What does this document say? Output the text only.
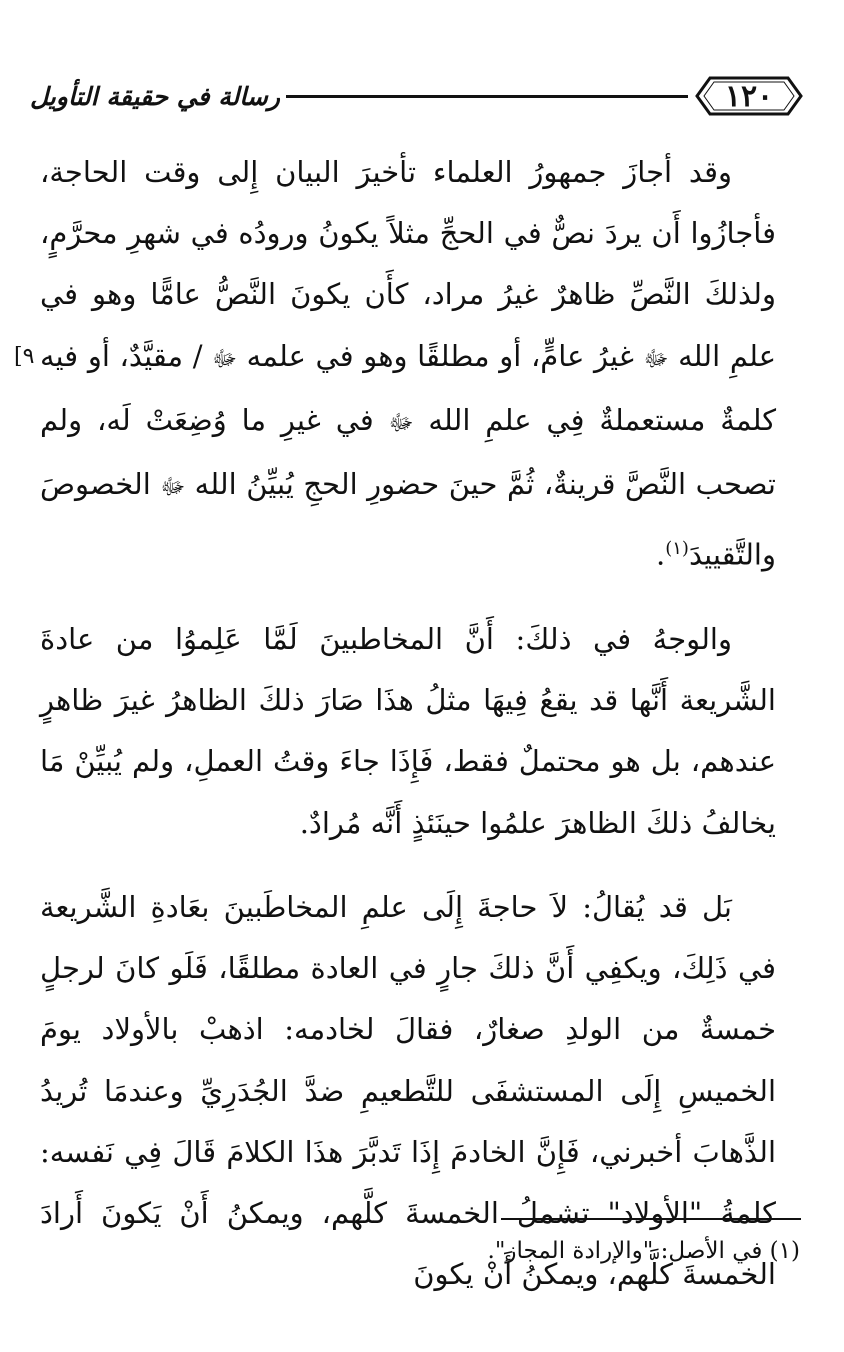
١٢٠
رسالة في حقيقة التأويل
[٩

وقد أجازَ جمهورُ العلماء تأخيرَ البيان إِلى وقت الحاجة، فأجازُوا أَن يردَ نصٌّ في الحجِّ مثلاً يكونُ ورودُه في شهرِ محرَّمٍ، ولذلكَ النَّصِّ ظاهرٌ غيرُ مراد، كأَن يكونَ النَّصُّ عامًّا وهو في علمِ الله ﷻ غيرُ عامٍّ، أو مطلقًا وهو في علمه ﷻ / مقيَّدٌ، أو فيه كلمةٌ مستعملةٌ فِي علمِ الله ﷻ في غيرِ ما وُضِعَتْ لَه، ولم تصحب النَّصَّ قرينةٌ، ثُمَّ حينَ حضورِ الحجِ يُبيِّنُ الله ﷻ الخصوصَ والتَّقييدَ$^{(١)}$.

والوجهُ في ذلكَ: أَنَّ المخاطبينَ لَمَّا عَلِموُا من عادةَ الشَّريعة أَنَّها قد يقعُ فِيهَا مثلُ هذَا صَارَ ذلكَ الظاهرُ غيرَ ظاهرٍ عندهم، بل هو محتملٌ فقط، فَإِذَا جاءَ وقتُ العملِ، ولم يُبيِّنْ مَا يخالفُ ذلكَ الظاهرَ علمُوا حينَئذٍ أَنَّه مُرادٌ.

بَل قد يُقالُ: لاَ حاجةَ إِلَى علمِ المخاطَبينَ بعَادةِ الشَّريعة في ذَلِكَ، ويكفِي أَنَّ ذلكَ جارٍ في العادة مطلقًا، فَلَو كانَ لرجلٍ خمسةٌ من الولدِ صغارٌ، فقالَ لخادمه: اذهبْ بالأولاد يومَ الخميسِ إِلَى المستشفَى للتَّطعيمِ ضدَّ الجُدَرِيِّ وعندمَا تُريدُ الذَّهابَ أخبرني، فَإِنَّ الخادمَ إِذَا تَدبَّرَ هذَا الكلامَ قَالَ فِي نَفسه: كلمةُ "الأولاد" تشملُ الخمسةَ كلَّهم، ويمكنُ أَنْ يَكونَ أَرادَ الخمسةَ كلَّهم، ويمكنُ أَنْ يكونَ

(١) في الأصل: "والإرادة المجاز".
